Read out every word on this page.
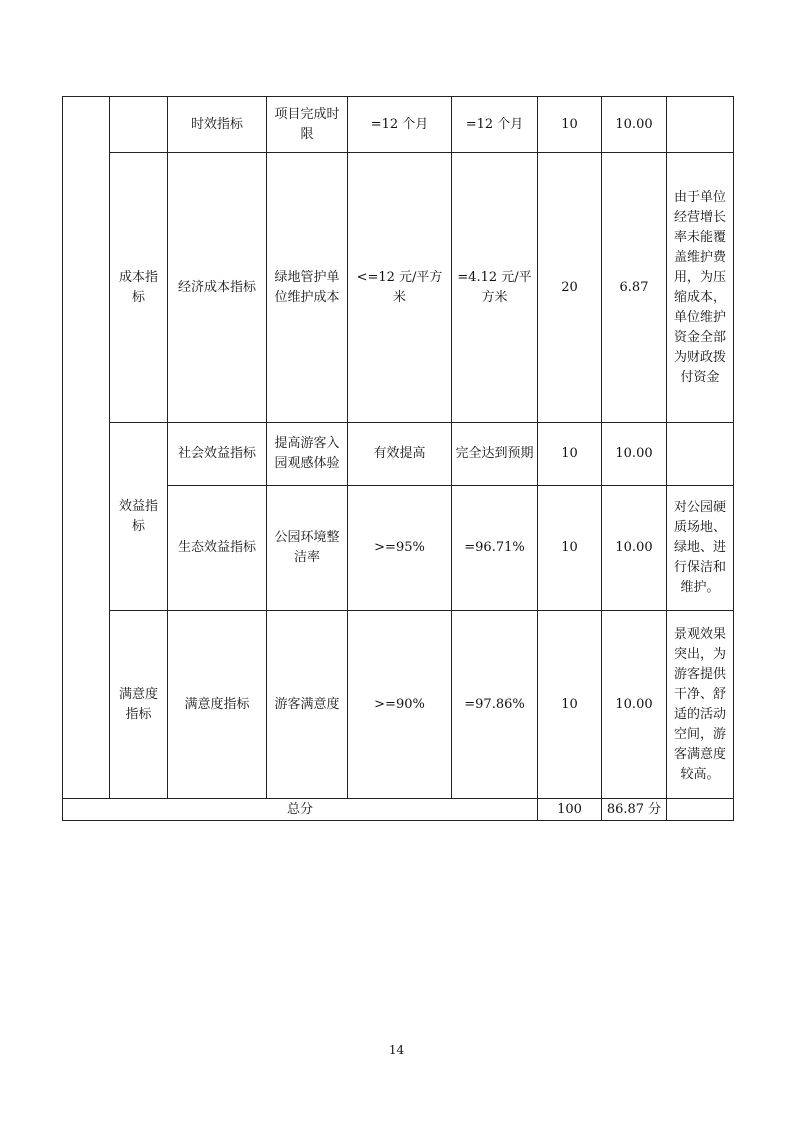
		时效指标	项目完成时限	=12 个月	=12 个月	10	10.00	
	成本指标	经济成本指标	绿地管护单位维护成本	<=12 元/平方米	=4.12 元/平方米	20	6.87	由于单位经营增长率未能覆盖维护费用，为压缩成本，单位维护资金全部为财政拨付资金
	效益指标	社会效益指标	提高游客入园观感体验	有效提高	完全达到预期	10	10.00	
		生态效益指标	公园环境整洁率	>=95%	=96.71%	10	10.00	对公园硬质场地、绿地、进行保洁和维护。
	满意度指标	满意度指标	游客满意度	>=90%	=97.86%	10	10.00	景观效果突出，为游客提供干净、舒适的活动空间，游客满意度较高。
总分						100	86.87 分	
14
